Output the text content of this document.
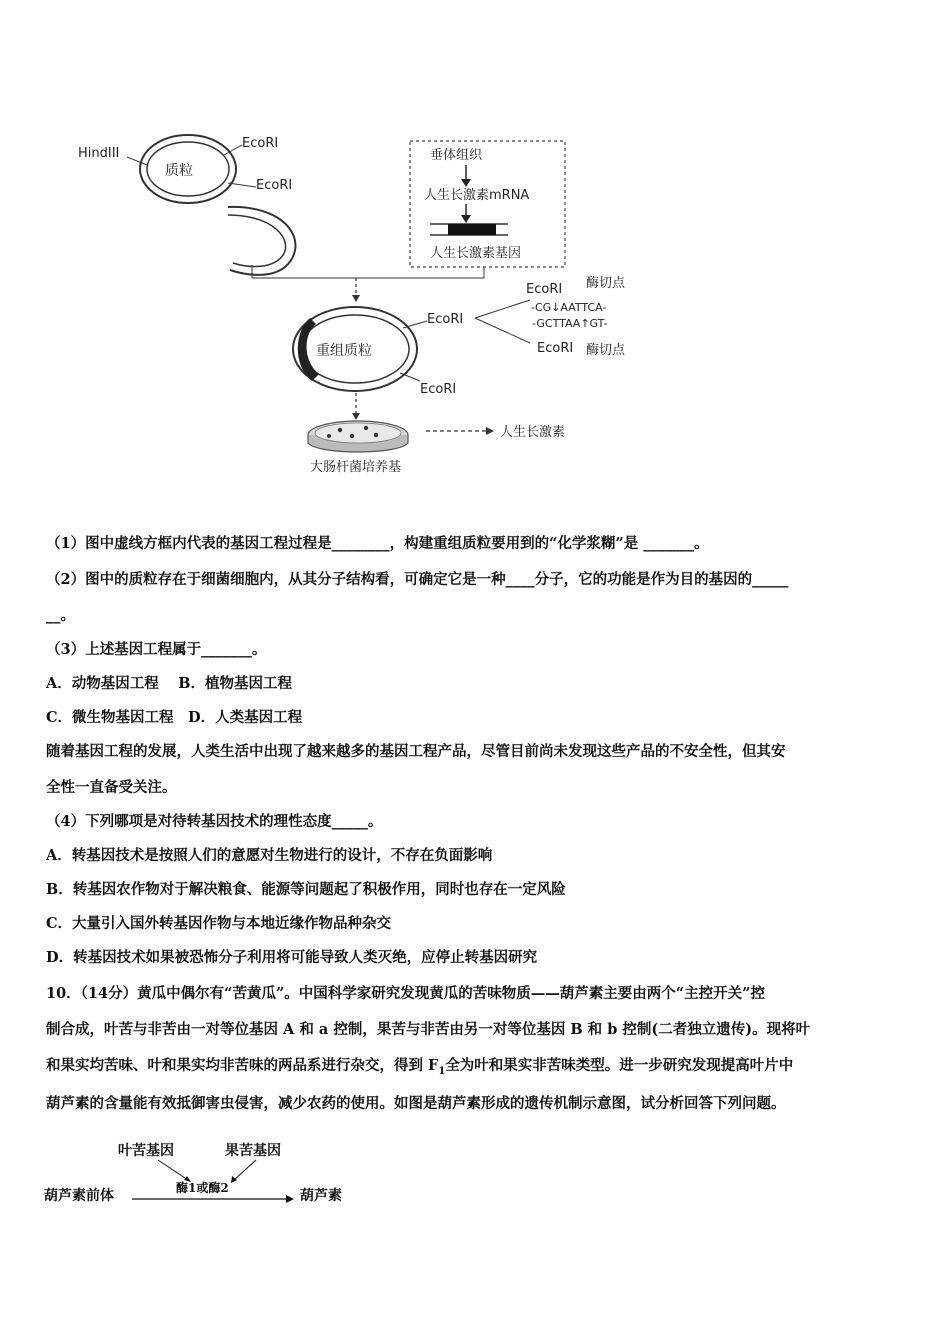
质粒
HindIII
EcoRI
EcoRI
垂体组织
人生长激素mRNA
人生长激素基因
重组质粒
EcoRI
EcoRI
EcoRI 酶切点
-CG↓AATTCA-
-GCTTAA↑GT-
EcoRI 酶切点
大肠杆菌培养基
人生长激素
（1）图中虚线方框内代表的基因工程过程是________，构建重组质粒要用到的“化学浆糊”是 _______。
（2）图中的质粒存在于细菌细胞内，从其分子结构看，可确定它是一种____分子，它的功能是作为目的基因的_____
__。
（3）上述基因工程属于_______。
A．动物基因工程　 B．植物基因工程
C．微生物基因工程　D．人类基因工程
随着基因工程的发展，人类生活中出现了越来越多的基因工程产品，尽管目前尚未发现这些产品的不安全性，但其安
全性一直备受关注。
（4）下列哪项是对待转基因技术的理性态度_____。
A．转基因技术是按照人们的意愿对生物进行的设计，不存在负面影响
B．转基因农作物对于解决粮食、能源等问题起了积极作用，同时也存在一定风险
C．大量引入国外转基因作物与本地近缘作物品种杂交
D．转基因技术如果被恐怖分子利用将可能导致人类灭绝，应停止转基因研究
10．（14分）黄瓜中偶尔有“苦黄瓜”。中国科学家研究发现黄瓜的苦味物质——葫芦素主要由两个“主控开关”控
制合成，叶苦与非苦由一对等位基因 A 和 a 控制，果苦与非苦由另一对等位基因 B 和 b 控制(二者独立遗传)。现将叶
和果实均苦味、叶和果实均非苦味的两品系进行杂交，得到 $F_1$全为叶和果实非苦味类型。进一步研究发现提高叶片中
葫芦素的含量能有效抵御害虫侵害，减少农药的使用。如图是葫芦素形成的遗传机制示意图，试分析回答下列问题。
叶苦基因	果苦基因
葫芦素前体	酶1或酶2	葫芦素
